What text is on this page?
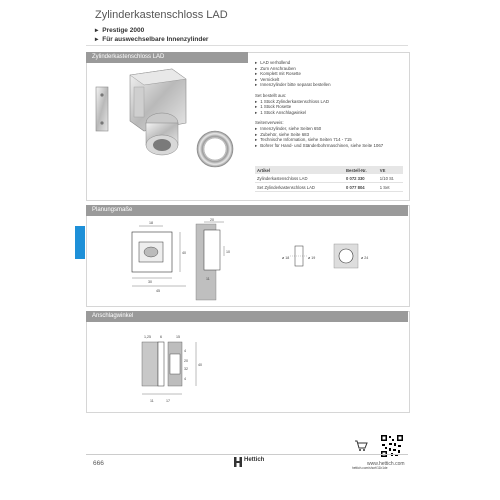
Zylinderkastenschloss LAD
▸ Prestige 2000
▸ Für auswechselbare Innenzylinder
Zylinderkastenschloss LAD
▸ LAD verhüllend
▸ Zum Anschrauben
▸ Komplett mit Rosette
▸ Vernickelt
▸ Innenzylinder bitte separat bestellen
Set bestellt aus:
▸ 1 Stück Zylinderkastenschloss LAD
▸ 1 Stück Rosette
▸ 1 Stück Anschlagwinkel
Seitenverweis:
▸ Innenzylinder, siehe Seiten 650
▸ Zubehör, siehe Seite 683
▸ Technische Information, siehe Seiten 714 - 715
▸ Bohrer für Hand- und Ständerbohrmaschinen, siehe Seite 1067
Artikel	Bestell-Nr.	VE
Zylinderkastenschloss LAD	0 072 330	1/10 St.
Set Zylinderkastenschloss LAD	0 077 804	1 Set
Planungsmaße
18
40
30
45
20
10
11
ø 18	ø 19	ø 24
Anschlagwinkel
1,25	6	15
4
20
32
40
4
11	17
hettich.com/short/11b1de
666	Hettich
www.hettich.com
